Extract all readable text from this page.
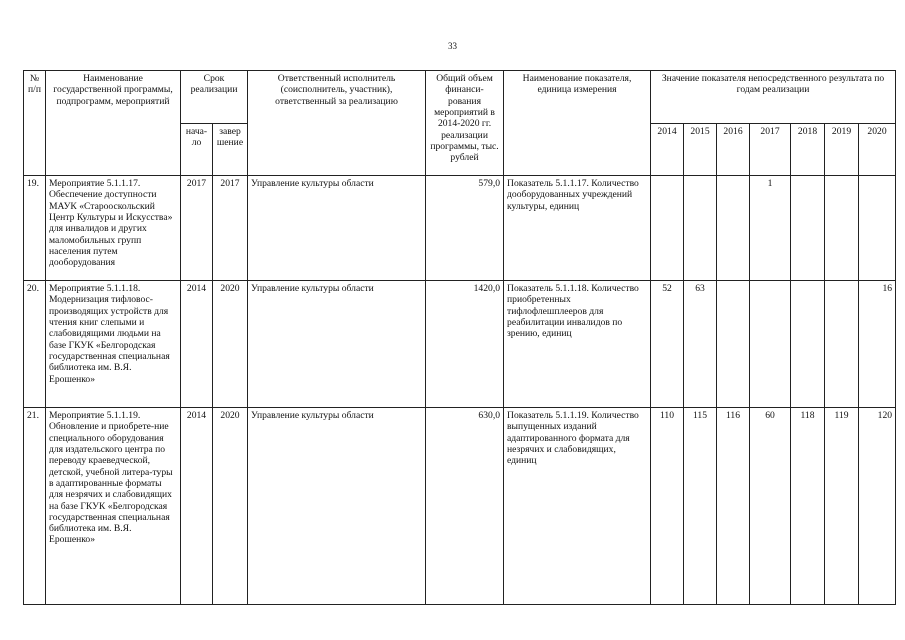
33
№ п/п	Наименование государственной программы, подпрограмм, мероприятий	Срок реализации		Ответственный исполнитель (соисполнитель, участник), ответственный за реализацию	Общий объем финанси-рования мероприятий в 2014-2020 гг. реализации программы, тыс. рублей	Наименование показателя, единица измерения	Значение показателя непосредственного результата по годам реализации						
		нача-ло	завер шение				2014	2015	2016	2017	2018	2019	2020
19.	Мероприятие 5.1.1.17. Обеспечение доступности МАУК «Старооскольский Центр Культуры и Искусства» для инвалидов и других маломобильных групп населения путем дооборудования	2017	2017	Управление культуры области	579,0	Показатель 5.1.1.17. Количество дооборудованных учреждений культуры, единиц				1			
20.	Мероприятие 5.1.1.18. Модернизация тифловос-производящих устройств для чтения книг слепыми и слабовидящими людьми на базе ГКУК «Белгородская государственная специальная библиотека им. В.Я. Ерошенко»	2014	2020	Управление культуры области	1420,0	Показатель 5.1.1.18. Количество приобретенных тифлофлешплееров для реабилитации инвалидов по зрению, единиц	52	63					16
21.	Мероприятие 5.1.1.19. Обновление и приобрете-ние специального оборудования для издательского центра по переводу краеведческой, детской, учебной литера-туры в адаптированные форматы для незрячих и слабовидящих на базе ГКУК «Белгородская государственная специальная библиотека им. В.Я. Ерошенко»	2014	2020	Управление культуры области	630,0	Показатель 5.1.1.19. Количество выпущенных изданий адаптированного формата для незрячих и слабовидящих, единиц	110	115	116	60	118	119	120
